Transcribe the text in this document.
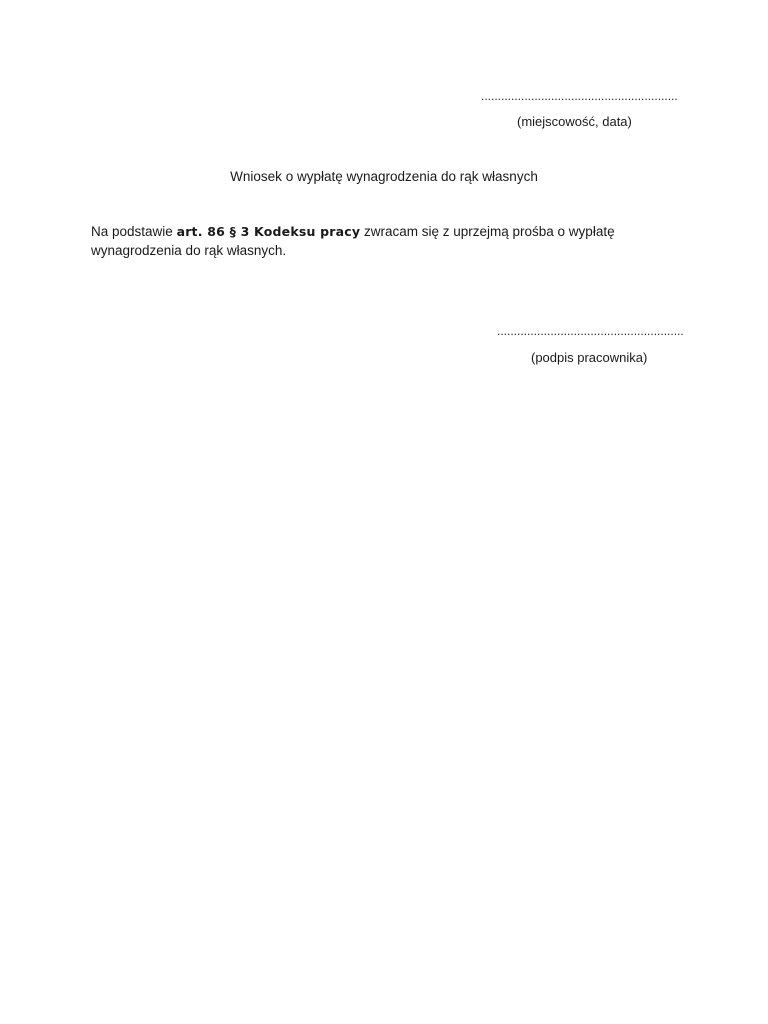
...........................................................
(miejscowość, data)
Wniosek o wypłatę wynagrodzenia do rąk własnych
Na podstawie art. 86 § 3 Kodeksu pracy zwracam się z uprzejmą prośba o wypłatę
wynagrodzenia do rąk własnych.
........................................................
(podpis pracownika)
